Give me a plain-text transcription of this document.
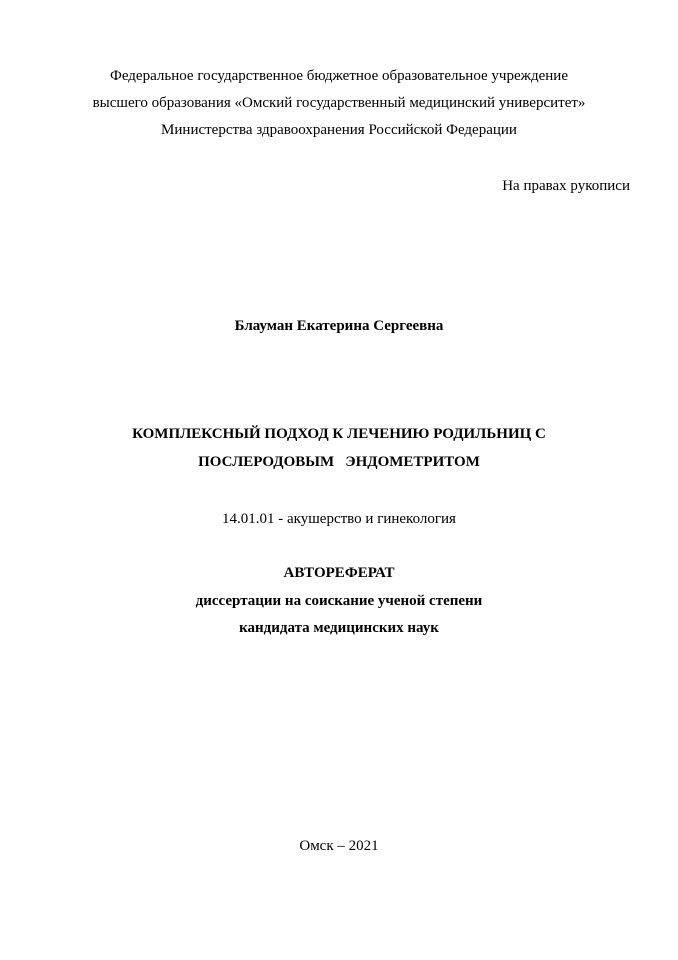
Федеральное государственное бюджетное образовательное учреждение
высшего образования «Омский государственный медицинский университет»
Министерства здравоохранения Российской Федерации
На правах рукописи
Блауман Екатерина Сергеевна
КОМПЛЕКСНЫЙ ПОДХОД К ЛЕЧЕНИЮ РОДИЛЬНИЦ С
ПОСЛЕРОДОВЫМ   ЭНДОМЕТРИТОМ
14.01.01 - акушерство и гинекология
АВТОРЕФЕРАТ
диссертации на соискание ученой степени
кандидата медицинских наук
Омск – 2021
